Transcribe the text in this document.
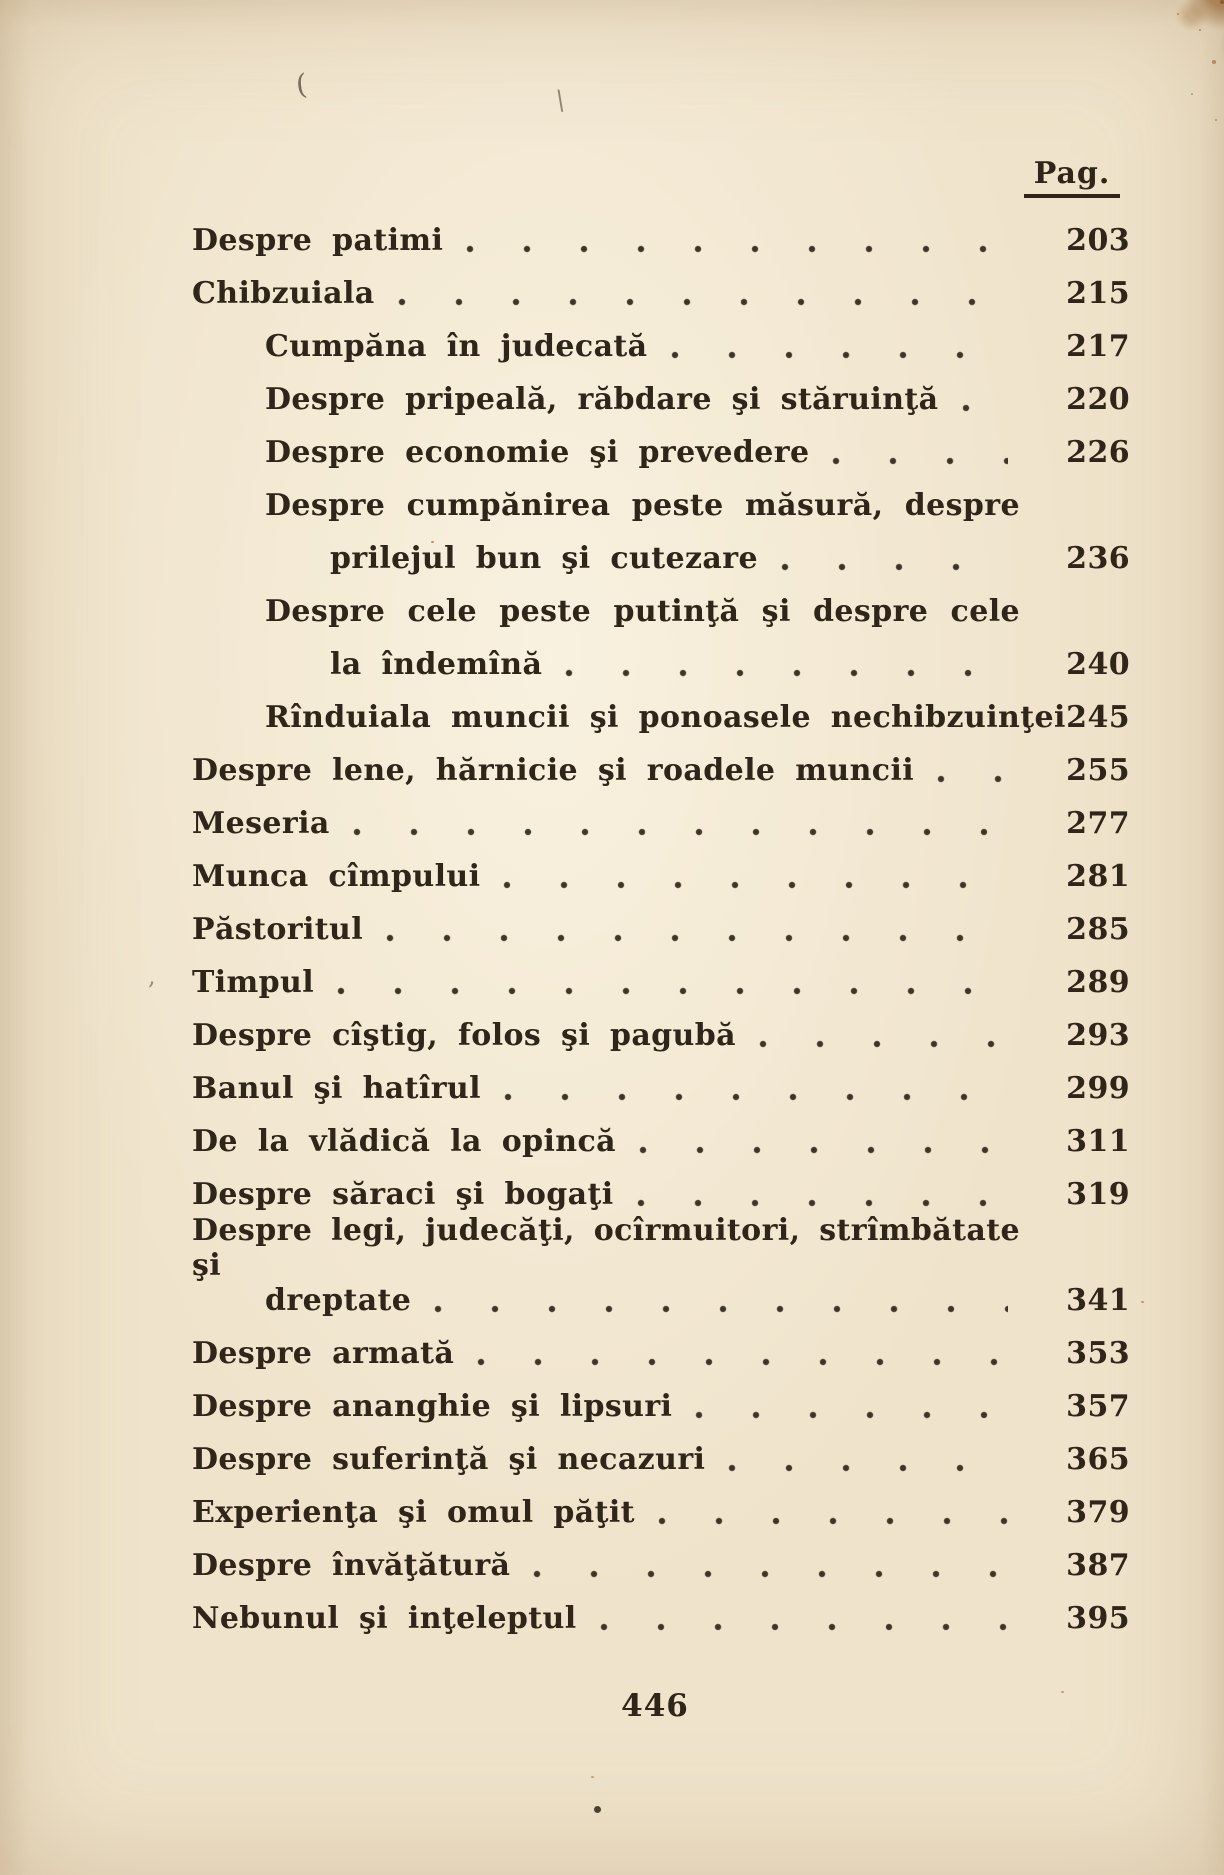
(	\
,
Pag.
Despre patimi	203
Chibzuiala	215
Cumpăna în judecată	217
Despre pripeală, răbdare şi stăruinţă	220
Despre economie şi prevedere	226
Despre cumpănirea peste măsură, despre
prilejul bun şi cutezare	236
Despre cele peste putinţă şi despre cele
la îndemînă	240
Rînduiala muncii şi ponoasele nechibzuinţei 245
Despre lene, hărnicie şi roadele muncii	255
Meseria	277
Munca cîmpului	281
Păstoritul	285
Timpul	289
Despre cîştig, folos şi pagubă	293
Banul şi hatîrul	299
De la vlădică la opincă	311
Despre săraci şi bogaţi	319
Despre legi, judecăţi, ocîrmuitori, strîmbătate şi
dreptate	341
Despre armată	353
Despre ananghie şi lipsuri	357
Despre suferinţă şi necazuri	365
Experienţa şi omul păţit	379
Despre învăţătură	387
Nebunul şi inţeleptul	395
446
